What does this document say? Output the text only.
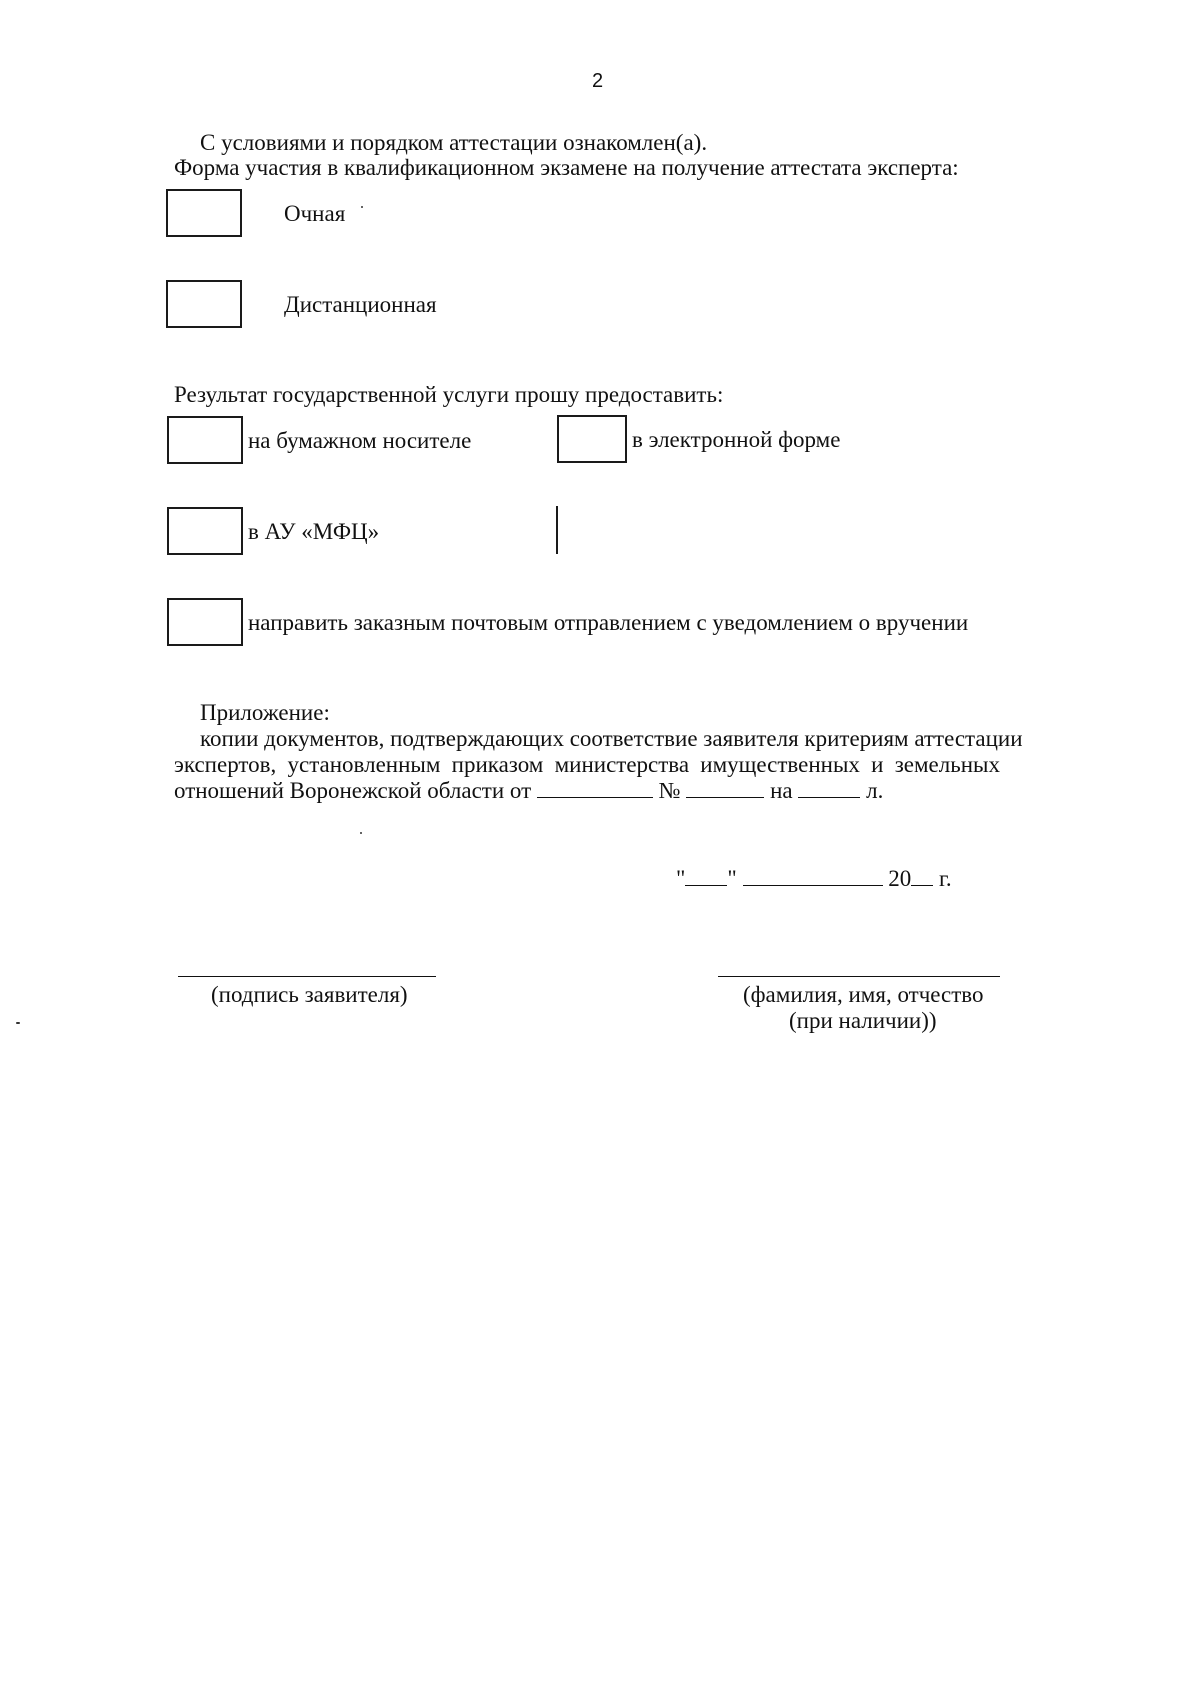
2
С условиями и порядком аттестации ознакомлен(а).
Форма участия в квалификационном экзамене на получение аттестата эксперта:
Очная
Дистанционная
Результат государственной услуги прошу предоставить:
на бумажном носителе	в электронной форме
в АУ «МФЦ»
направить заказным почтовым отправлением с уведомлением о вручении
Приложение:
копии документов, подтверждающих соответствие заявителя критериям аттестации
экспертов, установленным приказом министерства имущественных и земельных
отношений Воронежской области от	№	на	л.
" "	20 г.
(подпись заявителя)	(фамилия, имя, отчество
(при наличии))
